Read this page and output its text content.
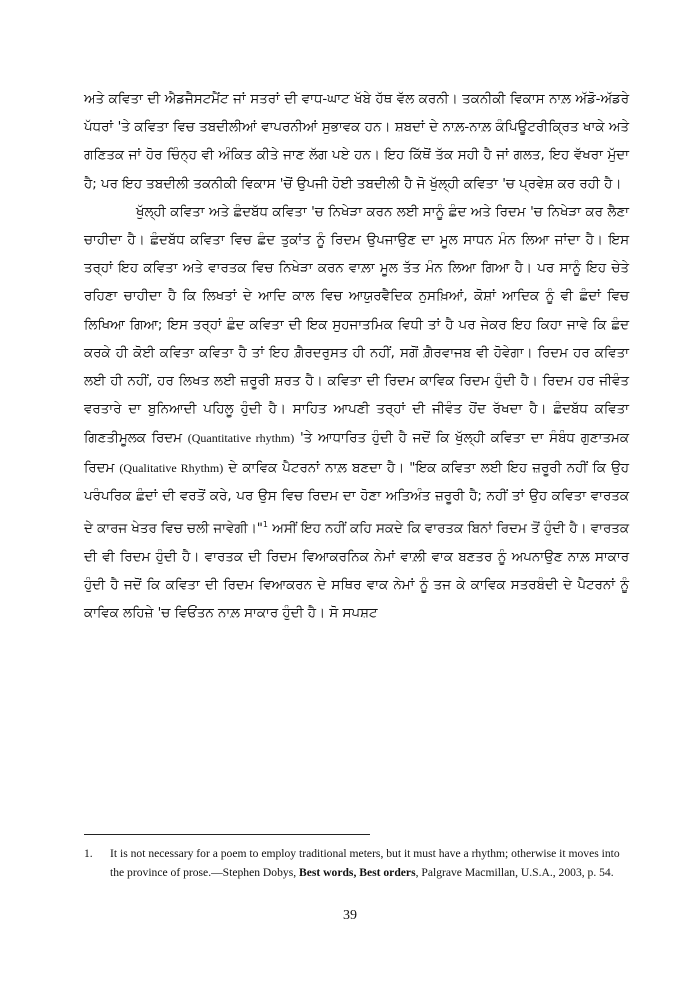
ਅਤੇ ਕਵਿਤਾ ਦੀ ਐਡਜੈਸਟਮੈਂਟ ਜਾਂ ਸਤਰਾਂ ਦੀ ਵਾਧ-ਘਾਟ ਖੱਬੇ ਹੱਥ ਵੱਲ ਕਰਨੀ। ਤਕਨੀਕੀ ਵਿਕਾਸ ਨਾਲ਼ ਅੱਡੋ-ਅੱਡਰੇ ਪੱਧਰਾਂ 'ਤੇ ਕਵਿਤਾ ਵਿਚ ਤਬਦੀਲੀਆਂ ਵਾਪਰਨੀਆਂ ਸੁਭਾਵਕ ਹਨ। ਸ਼ਬਦਾਂ ਦੇ ਨਾਲ਼-ਨਾਲ਼ ਕੰਪਿਊਟਰੀਕ੍ਰਿਤ ਖਾਕੇ ਅਤੇ ਗਣਿਤਕ ਜਾਂ ਹੋਰ ਚਿੰਨ੍ਹ ਵੀ ਅੰਕਿਤ ਕੀਤੇ ਜਾਣ ਲੱਗ ਪਏ ਹਨ। ਇਹ ਕਿੱਥੋਂ ਤੱਕ ਸਹੀ ਹੈ ਜਾਂ ਗਲਤ, ਇਹ ਵੱਖਰਾ ਮੁੱਦਾ ਹੈ; ਪਰ ਇਹ ਤਬਦੀਲੀ ਤਕਨੀਕੀ ਵਿਕਾਸ 'ਚੋਂ ਉਪਜੀ ਹੋਈ ਤਬਦੀਲੀ ਹੈ ਜੋ ਖੁੱਲ੍ਹੀ ਕਵਿਤਾ 'ਚ ਪ੍ਰਵੇਸ਼ ਕਰ ਰਹੀ ਹੈ।

ਖੁੱਲ੍ਹੀ ਕਵਿਤਾ ਅਤੇ ਛੰਦਬੱਧ ਕਵਿਤਾ 'ਚ ਨਿਖੇੜਾ ਕਰਨ ਲਈ ਸਾਨੂੰ ਛੰਦ ਅਤੇ ਰਿਦਮ 'ਚ ਨਿਖੇੜਾ ਕਰ ਲੈਣਾ ਚਾਹੀਦਾ ਹੈ। ਛੰਦਬੱਧ ਕਵਿਤਾ ਵਿਚ ਛੰਦ ਤੁਕਾਂਤ ਨੂੰ ਰਿਦਮ ਉਪਜਾਉਣ ਦਾ ਮੂਲ ਸਾਧਨ ਮੰਨ ਲਿਆ ਜਾਂਦਾ ਹੈ। ਇਸ ਤਰ੍ਹਾਂ ਇਹ ਕਵਿਤਾ ਅਤੇ ਵਾਰਤਕ ਵਿਚ ਨਿਖੇੜਾ ਕਰਨ ਵਾਲ਼ਾ ਮੂਲ ਤੱਤ ਮੰਨ ਲਿਆ ਗਿਆ ਹੈ। ਪਰ ਸਾਨੂੰ ਇਹ ਚੇਤੇ ਰਹਿਣਾ ਚਾਹੀਦਾ ਹੈ ਕਿ ਲਿਖਤਾਂ ਦੇ ਆਦਿ ਕਾਲ ਵਿਚ ਆਯੁਰਵੈਦਿਕ ਨੁਸਖ਼ਿਆਂ, ਕੋਸ਼ਾਂ ਆਦਿਕ ਨੂੰ ਵੀ ਛੰਦਾਂ ਵਿਚ ਲਿਖਿਆ ਗਿਆ; ਇਸ ਤਰ੍ਹਾਂ ਛੰਦ ਕਵਿਤਾ ਦੀ ਇਕ ਸੁਹਜਾਤਮਿਕ ਵਿਧੀ ਤਾਂ ਹੈ ਪਰ ਜੇਕਰ ਇਹ ਕਿਹਾ ਜਾਵੇ ਕਿ ਛੰਦ ਕਰਕੇ ਹੀ ਕੋਈ ਕਵਿਤਾ ਕਵਿਤਾ ਹੈ ਤਾਂ ਇਹ ਗ਼ੈਰਦਰੁਸਤ ਹੀ ਨਹੀਂ, ਸਗੋਂ ਗ਼ੈਰਵਾਜਬ ਵੀ ਹੋਵੇਗਾ। ਰਿਦਮ ਹਰ ਕਵਿਤਾ ਲਈ ਹੀ ਨਹੀਂ, ਹਰ ਲਿਖਤ ਲਈ ਜ਼ਰੂਰੀ ਸ਼ਰਤ ਹੈ। ਕਵਿਤਾ ਦੀ ਰਿਦਮ ਕਾਵਿਕ ਰਿਦਮ ਹੁੰਦੀ ਹੈ। ਰਿਦਮ ਹਰ ਜੀਵੰਤ ਵਰਤਾਰੇ ਦਾ ਬੁਨਿਆਦੀ ਪਹਿਲੂ ਹੁੰਦੀ ਹੈ। ਸਾਹਿਤ ਆਪਣੀ ਤਰ੍ਹਾਂ ਦੀ ਜੀਵੰਤ ਹੋਂਦ ਰੱਖਦਾ ਹੈ। ਛੰਦਬੱਧ ਕਵਿਤਾ ਗਿਣਤੀਮੂਲਕ ਰਿਦਮ (Quantitative rhythm) 'ਤੇ ਆਧਾਰਿਤ ਹੁੰਦੀ ਹੈ ਜਦੋਂ ਕਿ ਖੁੱਲ੍ਹੀ ਕਵਿਤਾ ਦਾ ਸੰਬੰਧ ਗੁਣਾਤਮਕ ਰਿਦਮ (Qualitative Rhythm) ਦੇ ਕਾਵਿਕ ਪੈਟਰਨਾਂ ਨਾਲ਼ ਬਣਦਾ ਹੈ। "ਇਕ ਕਵਿਤਾ ਲਈ ਇਹ ਜ਼ਰੂਰੀ ਨਹੀਂ ਕਿ ਉਹ ਪਰੰਪਰਿਕ ਛੰਦਾਂ ਦੀ ਵਰਤੋਂ ਕਰੇ, ਪਰ ਉਸ ਵਿਚ ਰਿਦਮ ਦਾ ਹੋਣਾ ਅਤਿਅੰਤ ਜ਼ਰੂਰੀ ਹੈ; ਨਹੀਂ ਤਾਂ ਉਹ ਕਵਿਤਾ ਵਾਰਤਕ ਦੇ ਕਾਰਜ ਖੇਤਰ ਵਿਚ ਚਲੀ ਜਾਵੇਗੀ।"$^1$ ਅਸੀਂ ਇਹ ਨਹੀਂ ਕਹਿ ਸਕਦੇ ਕਿ ਵਾਰਤਕ ਬਿਨਾਂ ਰਿਦਮ ਤੋਂ ਹੁੰਦੀ ਹੈ। ਵਾਰਤਕ ਦੀ ਵੀ ਰਿਦਮ ਹੁੰਦੀ ਹੈ। ਵਾਰਤਕ ਦੀ ਰਿਦਮ ਵਿਆਕਰਨਿਕ ਨੇਮਾਂ ਵਾਲ਼ੀ ਵਾਕ ਬਣਤਰ ਨੂੰ ਅਪਨਾਉਣ ਨਾਲ਼ ਸਾਕਾਰ ਹੁੰਦੀ ਹੈ ਜਦੋਂ ਕਿ ਕਵਿਤਾ ਦੀ ਰਿਦਮ ਵਿਆਕਰਨ ਦੇ ਸਥਿਰ ਵਾਕ ਨੇਮਾਂ ਨੂੰ ਤਜ ਕੇ ਕਾਵਿਕ ਸਤਰਬੰਦੀ ਦੇ ਪੈਟਰਨਾਂ ਨੂੰ ਕਾਵਿਕ ਲਹਿਜ਼ੇ 'ਚ ਵਿਓਂਤਨ ਨਾਲ਼ ਸਾਕਾਰ ਹੁੰਦੀ ਹੈ। ਸੋ ਸਪਸ਼ਟ

1.	It is not necessary for a poem to employ traditional meters, but it must have a rhythm; otherwise it moves into the province of prose.—Stephen Dobys, Best words, Best orders, Palgrave Macmillan, U.S.A., 2003, p. 54.
39
